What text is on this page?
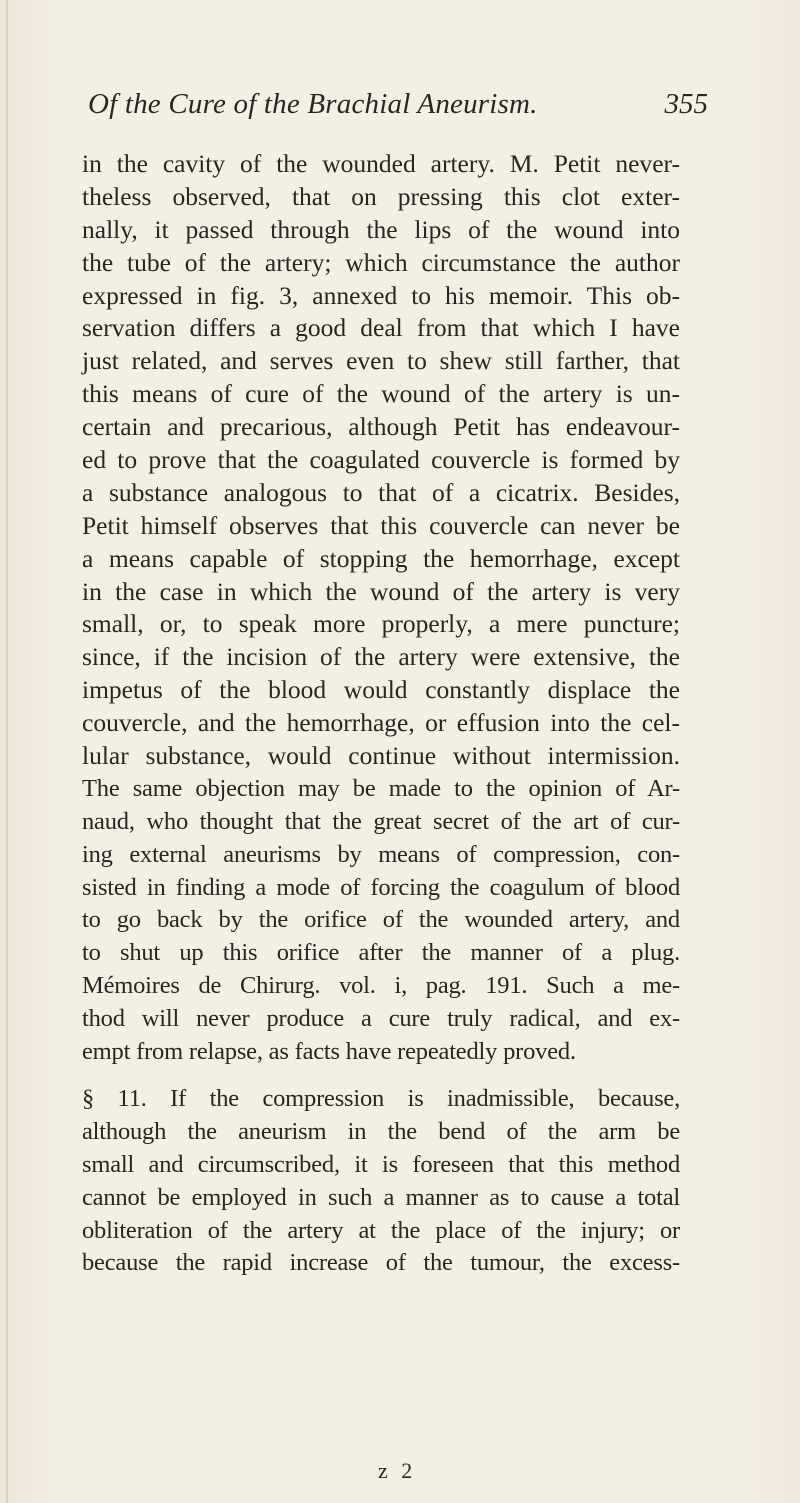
Of the Cure of the Brachial Aneurism.	355
in the cavity of the wounded artery. M. Petit never-
theless observed, that on pressing this clot exter-
nally, it passed through the lips of the wound into
the tube of the artery; which circumstance the author
expressed in fig. 3, annexed to his memoir. This ob-
servation differs a good deal from that which I have
just related, and serves even to shew still farther, that
this means of cure of the wound of the artery is un-
certain and precarious, although Petit has endeavour-
ed to prove that the coagulated couvercle is formed by
a substance analogous to that of a cicatrix. Besides,
Petit himself observes that this couvercle can never be
a means capable of stopping the hemorrhage, except
in the case in which the wound of the artery is very
small, or, to speak more properly, a mere puncture;
since, if the incision of the artery were extensive, the
impetus of the blood would constantly displace the
couvercle, and the hemorrhage, or effusion into the cel-
lular substance, would continue without intermission.
The same objection may be made to the opinion of Ar-
naud, who thought that the great secret of the art of cur-
ing external aneurisms by means of compression, con-
sisted in finding a mode of forcing the coagulum of blood
to go back by the orifice of the wounded artery, and
to shut up this orifice after the manner of a plug.
Mémoires de Chirurg. vol. i, pag. 191. Such a me-
thod will never produce a cure truly radical, and ex-
empt from relapse, as facts have repeatedly proved.
§ 11. If the compression is inadmissible, because,
although the aneurism in the bend of the arm be
small and circumscribed, it is foreseen that this method
cannot be employed in such a manner as to cause a total
obliteration of the artery at the place of the injury; or
because the rapid increase of the tumour, the excess-
z 2
